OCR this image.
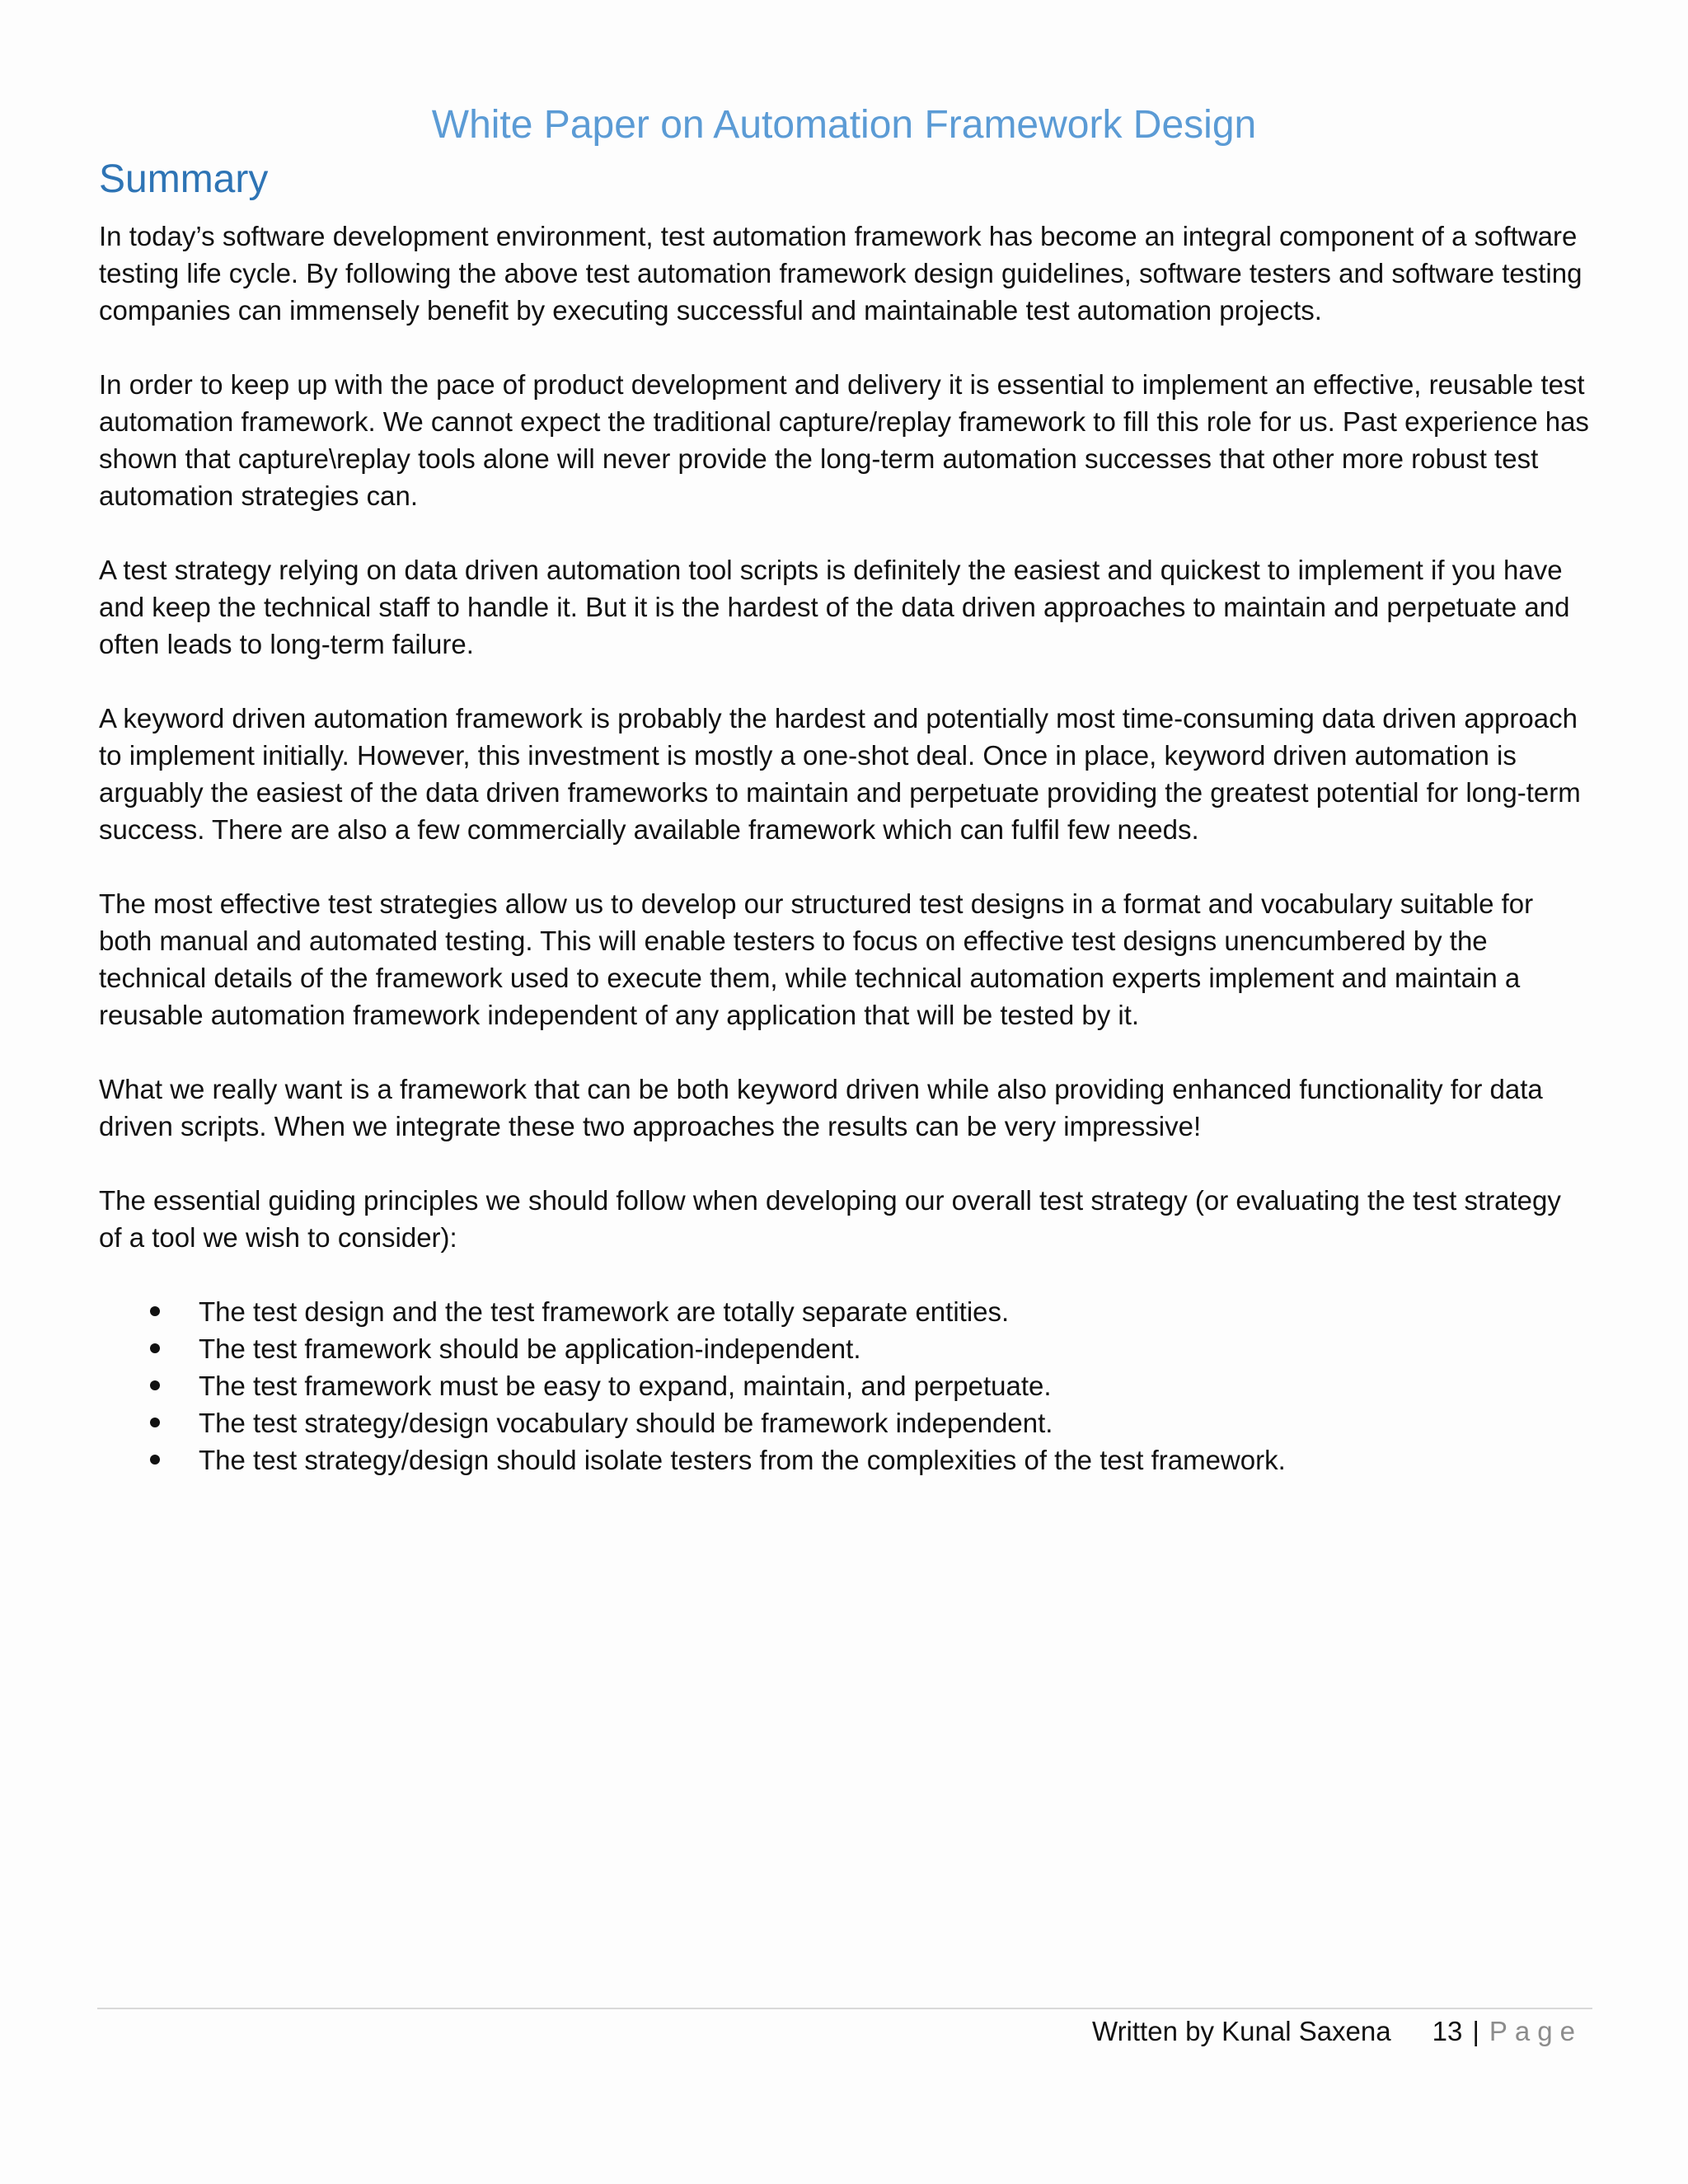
White Paper on Automation Framework Design
Summary

In today’s software development environment, test automation framework has become an integral component of a software testing life cycle. By following the above test automation framework design guidelines, software testers and software testing companies can immensely benefit by executing successful and maintainable test automation projects.

In order to keep up with the pace of product development and delivery it is essential to implement an effective, reusable test automation framework. We cannot expect the traditional capture/replay framework to fill this role for us. Past experience has shown that capture\replay tools alone will never provide the long-term automation successes that other more robust test automation strategies can.

A test strategy relying on data driven automation tool scripts is definitely the easiest and quickest to implement if you have and keep the technical staff to handle it. But it is the hardest of the data driven approaches to maintain and perpetuate and often leads to long-term failure.

A keyword driven automation framework is probably the hardest and potentially most time-consuming data driven approach to implement initially. However, this investment is mostly a one-shot deal. Once in place, keyword driven automation is arguably the easiest of the data driven frameworks to maintain and perpetuate providing the greatest potential for long-term success. There are also a few commercially available framework which can fulfil few needs.

The most effective test strategies allow us to develop our structured test designs in a format and vocabulary suitable for both manual and automated testing. This will enable testers to focus on effective test designs unencumbered by the technical details of the framework used to execute them, while technical automation experts implement and maintain a reusable automation framework independent of any application that will be tested by it.

What we really want is a framework that can be both keyword driven while also providing enhanced functionality for data driven scripts. When we integrate these two approaches the results can be very impressive!

The essential guiding principles we should follow when developing our overall test strategy (or evaluating the test strategy of a tool we wish to consider):

The test design and the test framework are totally separate entities.
The test framework should be application-independent.
The test framework must be easy to expand, maintain, and perpetuate.
The test strategy/design vocabulary should be framework independent.
The test strategy/design should isolate testers from the complexities of the test framework.
Written by Kunal Saxena 13 | Page
